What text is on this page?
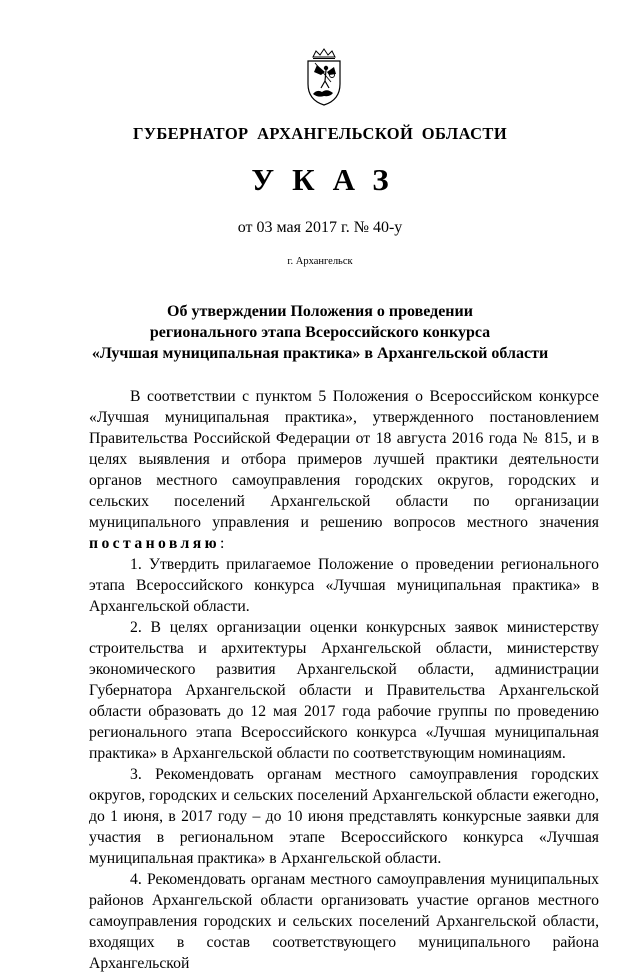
ГУБЕРНАТОР АРХАНГЕЛЬСКОЙ ОБЛАСТИ
УКАЗ
от 03 мая 2017 г. № 40-у
г. Архангельск
Об утверждении Положения о проведении
регионального этапа Всероссийского конкурса
«Лучшая муниципальная практика» в Архангельской области

В соответствии с пунктом 5 Положения о Всероссийском конкурсе «Лучшая муниципальная практика», утвержденного постановлением Правительства Российской Федерации от 18 августа 2016 года № 815, и в целях выявления и отбора примеров лучшей практики деятельности органов местного самоуправления городских округов, городских и сельских поселений Архангельской области по организации муниципального управления и решению вопросов местного значения постановляю:

1. Утвердить прилагаемое Положение о проведении регионального этапа Всероссийского конкурса «Лучшая муниципальная практика» в Архангельской области.

2. В целях организации оценки конкурсных заявок министерству строительства и архитектуры Архангельской области, министерству экономического развития Архангельской области, администрации Губернатора Архангельской области и Правительства Архангельской области образовать до 12 мая 2017 года рабочие группы по проведению регионального этапа Всероссийского конкурса «Лучшая муниципальная практика» в Архангельской области по соответствующим номинациям.

3. Рекомендовать органам местного самоуправления городских округов, городских и сельских поселений Архангельской области ежегодно, до 1 июня, в 2017 году – до 10 июня представлять конкурсные заявки для участия в региональном этапе Всероссийского конкурса «Лучшая муниципальная практика» в Архангельской области.

4. Рекомендовать органам местного самоуправления муниципальных районов Архангельской области организовать участие органов местного самоуправления городских и сельских поселений Архангельской области, входящих в состав соответствующего муниципального района Архангельской
